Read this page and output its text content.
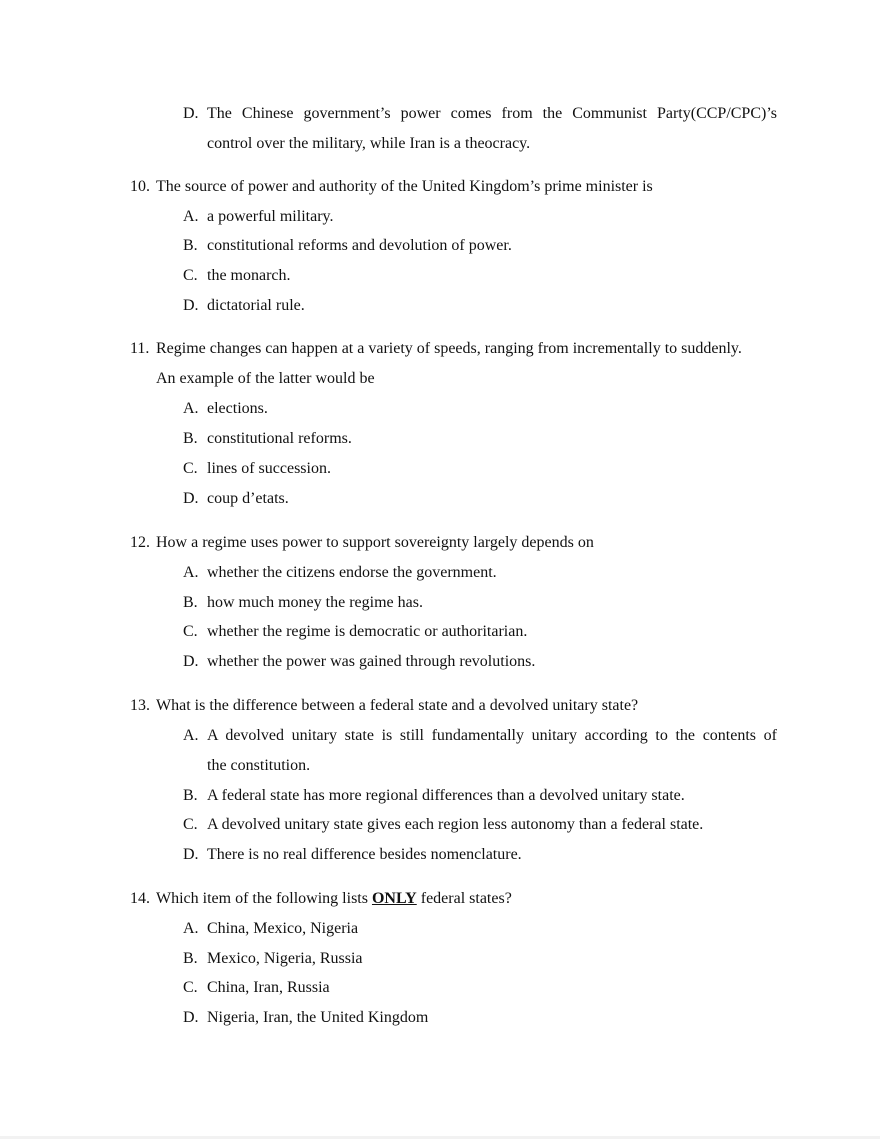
D. The Chinese government’s power comes from the Communist Party(CCP/CPC)’s
control over the military, while Iran is a theocracy.
10. The source of power and authority of the United Kingdom’s prime minister is
A. a powerful military.
B. constitutional reforms and devolution of power.
C. the monarch.
D. dictatorial rule.
11. Regime changes can happen at a variety of speeds, ranging from incrementally to suddenly.
An example of the latter would be
A. elections.
B. constitutional reforms.
C. lines of succession.
D. coup d’etats.
12. How a regime uses power to support sovereignty largely depends on
A. whether the citizens endorse the government.
B. how much money the regime has.
C. whether the regime is democratic or authoritarian.
D. whether the power was gained through revolutions.
13. What is the difference between a federal state and a devolved unitary state?
A. A devolved unitary state is still fundamentally unitary according to the contents of
the constitution.
B. A federal state has more regional differences than a devolved unitary state.
C. A devolved unitary state gives each region less autonomy than a federal state.
D. There is no real difference besides nomenclature.
14. Which item of the following lists ONLY federal states?
A. China, Mexico, Nigeria
B. Mexico, Nigeria, Russia
C. China, Iran, Russia
D. Nigeria, Iran, the United Kingdom
